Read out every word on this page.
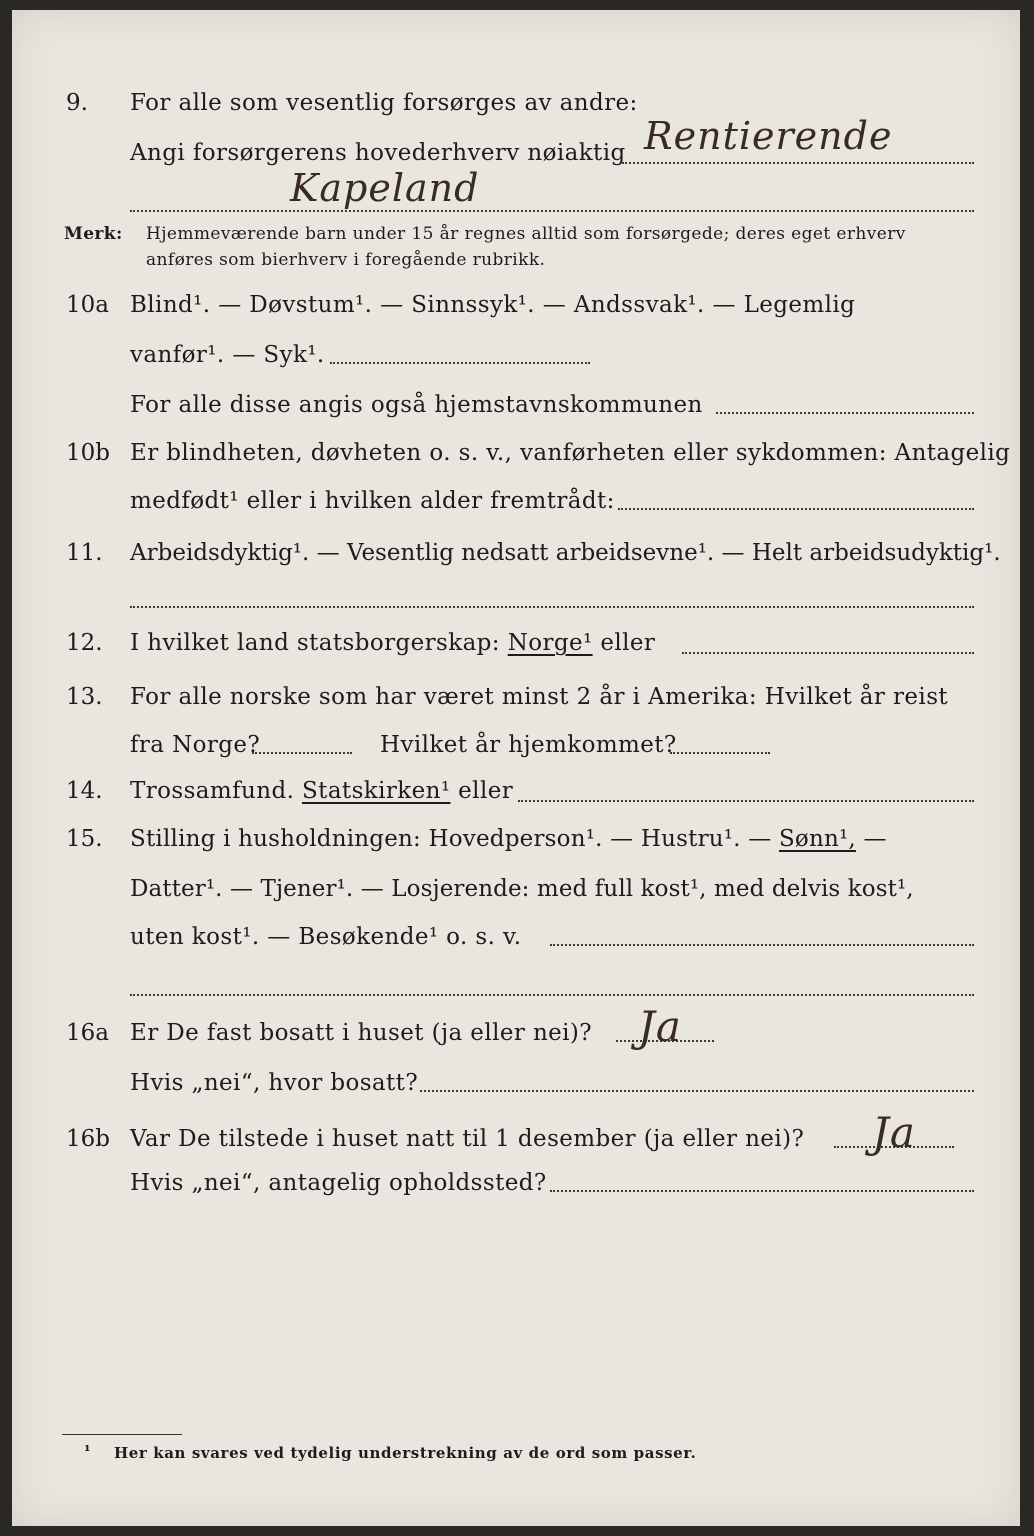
9. For alle som vesentlig forsørges av andre:
Angi forsørgerens hovederhverv nøiaktig Rentierende
Kapeland
Merk: Hjemmeværende barn under 15 år regnes alltid som forsørgede; deres eget erhverv
anføres som bierhverv i foregående rubrikk.
10a Blind¹. — Døvstum¹. — Sinnssyk¹. — Andssvak¹. — Legemlig
vanfør¹. — Syk¹.
For alle disse angis også hjemstavnskommunen
10b Er blindheten, døvheten o. s. v., vanførheten eller sykdommen: Antagelig
medfødt¹ eller i hvilken alder fremtrådt:
11. Arbeidsdyktig¹. — Vesentlig nedsatt arbeidsevne¹. — Helt arbeidsudyktig¹.
12. I hvilket land statsborgerskap: Norge¹ eller
13. For alle norske som har været minst 2 år i Amerika: Hvilket år reist
fra Norge?	Hvilket år hjemkommet?
14. Trossamfund. Statskirken¹ eller
15. Stilling i husholdningen: Hovedperson¹. — Hustru¹. — Sønn¹, —
Datter¹. — Tjener¹. — Losjerende: med full kost¹, med delvis kost¹,
uten kost¹. — Besøkende¹ o. s. v.
16a Er De fast bosatt i huset (ja eller nei)? Ja
Hvis „nei“, hvor bosatt?
16b Var De tilstede i huset natt til 1 desember (ja eller nei)? Ja
Hvis „nei“, antagelig opholdssted?
¹ Her kan svares ved tydelig understrekning av de ord som passer.
